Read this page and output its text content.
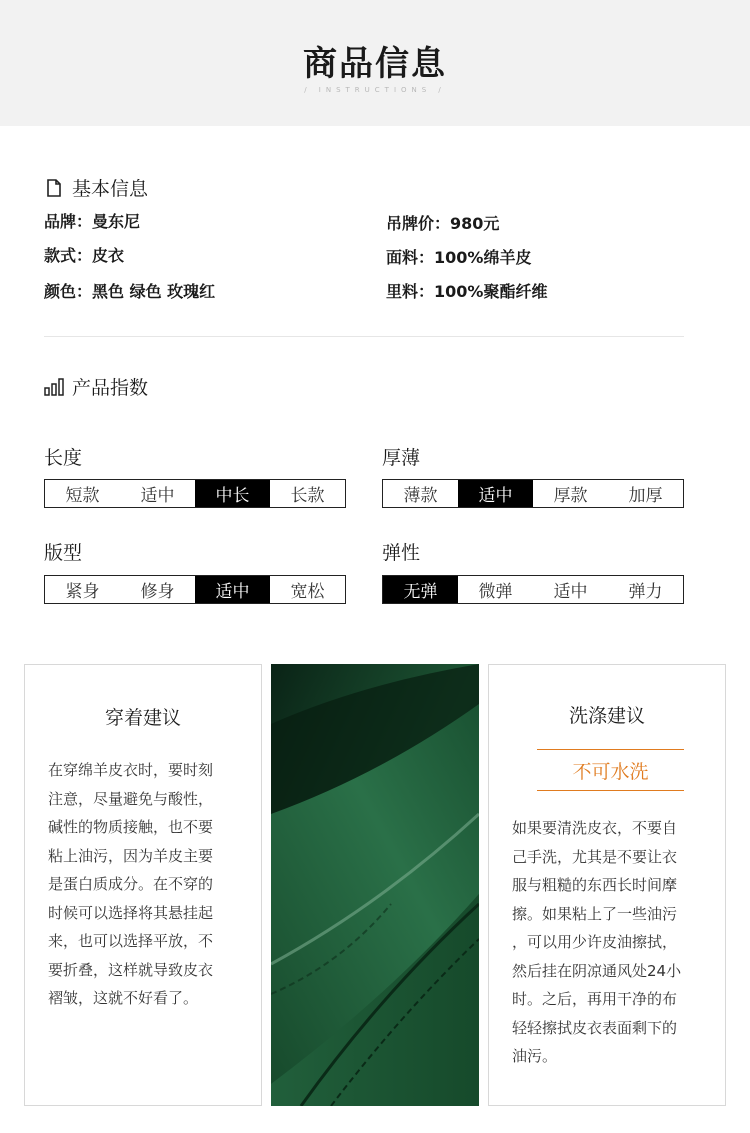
商品信息
/ INSTRUCTIONS /
基本信息
品牌：曼东尼
款式：皮衣
颜色：黑色 绿色 玫瑰红
吊牌价：980元
面料：100%绵羊皮
里料：100%聚酯纤维
产品指数
长度
短款	适中	中长	长款
厚薄
薄款	适中	厚款	加厚
版型
紧身	修身	适中	宽松
弹性
无弹	微弹	适中	弹力
穿着建议
在穿绵羊皮衣时，要时刻
注意，尽量避免与酸性，
碱性的物质接触，也不要
粘上油污，因为羊皮主要
是蛋白质成分。在不穿的
时候可以选择将其悬挂起
来，也可以选择平放，不
要折叠，这样就导致皮衣
褶皱，这就不好看了。
洗涤建议
不可水洗
如果要清洗皮衣，不要自
己手洗，尤其是不要让衣
服与粗糙的东西长时间摩
擦。如果粘上了一些油污
，可以用少许皮油擦拭，
然后挂在阴凉通风处24小
时。之后，再用干净的布
轻轻擦拭皮衣表面剩下的
油污。
